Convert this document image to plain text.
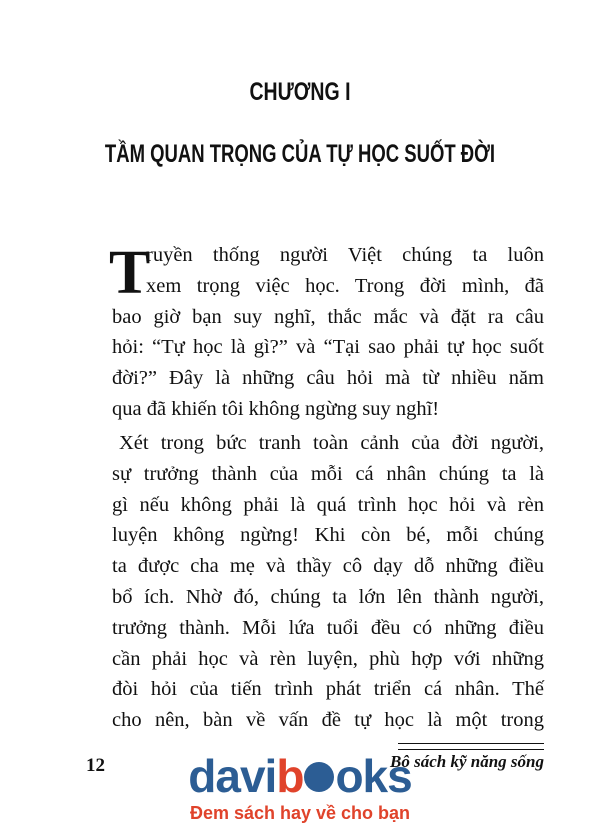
CHƯƠNG I
TẦM QUAN TRỌNG CỦA TỰ HỌC SUỐT ĐỜI
T
ruyền thống người Việt chúng ta luôn
xem trọng việc học. Trong đời mình, đã
bao giờ bạn suy nghĩ, thắc mắc và đặt ra câu
hỏi: “Tự học là gì?” và “Tại sao phải tự học suốt
đời?” Đây là những câu hỏi mà từ nhiều năm
qua đã khiến tôi không ngừng suy nghĩ!
Xét trong bức tranh toàn cảnh của đời người,
sự trưởng thành của mỗi cá nhân chúng ta là
gì nếu không phải là quá trình học hỏi và rèn
luyện không ngừng! Khi còn bé, mỗi chúng
ta được cha mẹ và thầy cô dạy dỗ những điều
bổ ích. Nhờ đó, chúng ta lớn lên thành người,
trưởng thành. Mỗi lứa tuổi đều có những điều
cần phải học và rèn luyện, phù hợp với những
đòi hỏi của tiến trình phát triển cá nhân. Thế
cho nên, bàn về vấn đề tự học là một trong
12	Bộ sách kỹ năng sống
davib oks
Đem sách hay về cho bạn
